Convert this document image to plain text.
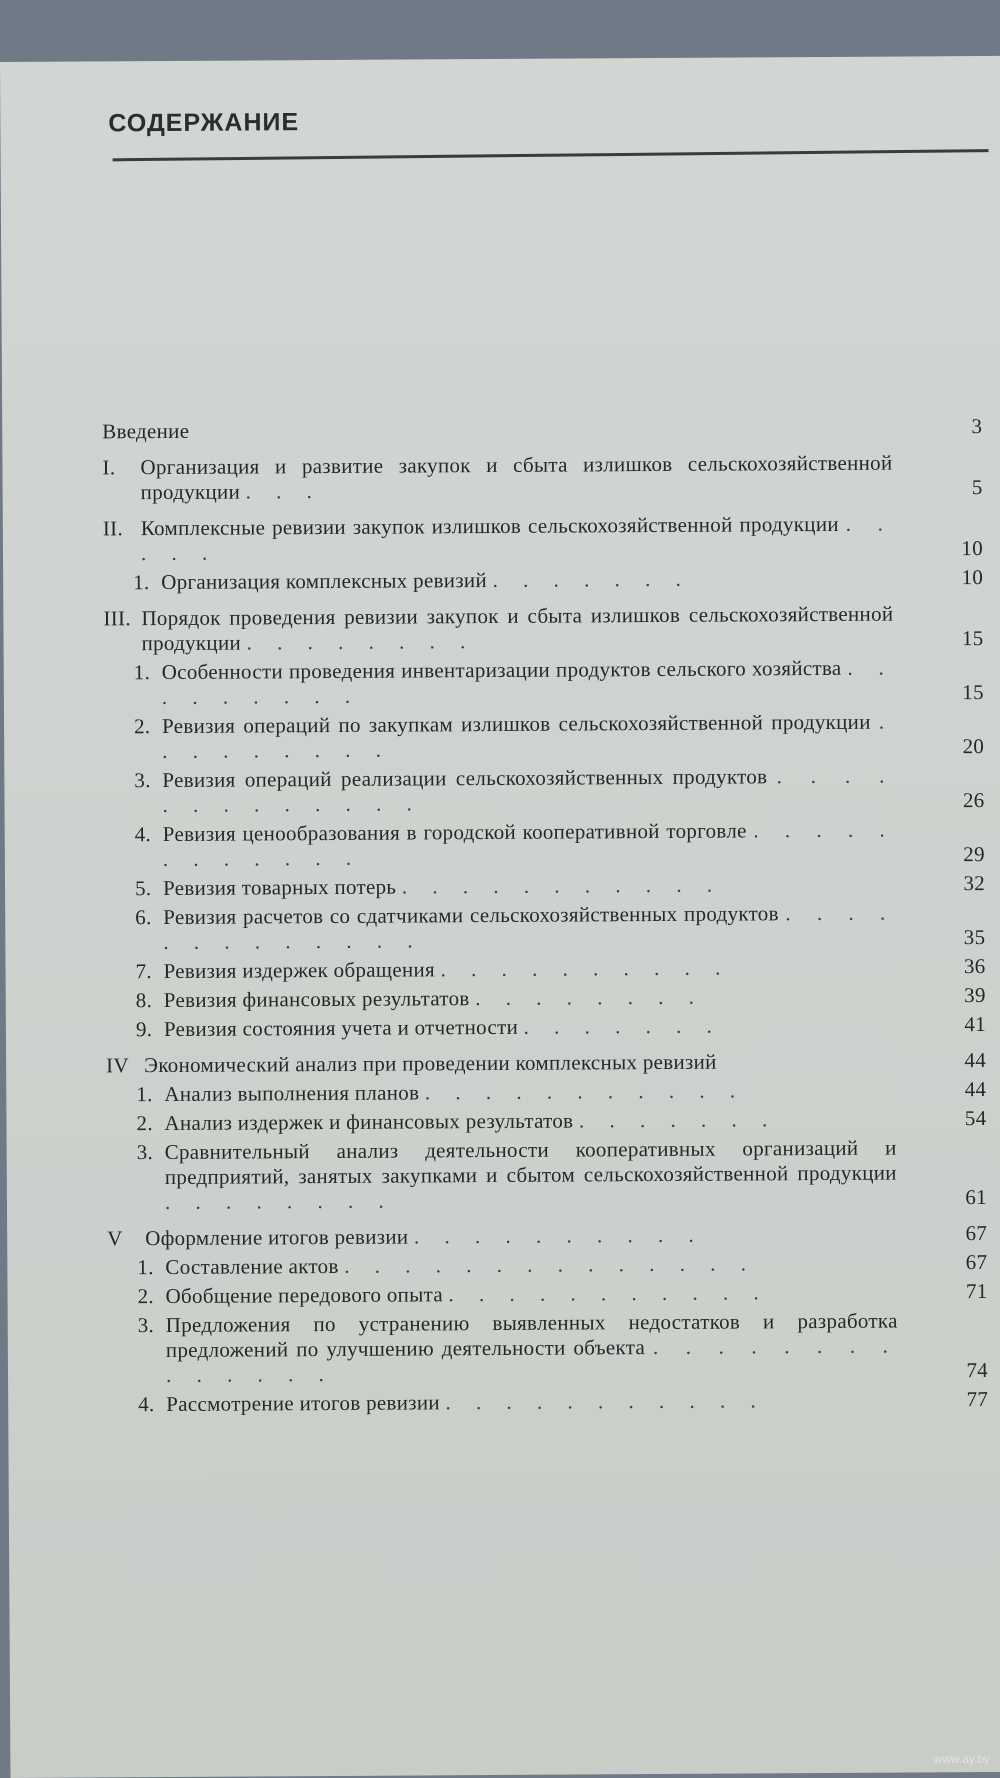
СОДЕРЖАНИЕ
Введение	3
I. Организация и развитие закупок и сбыта излишков сельскохозяйственной продукции . . .	5
II. Комплексные ревизии закупок излишков сельскохозяйственной продукции . . . . .	10
1. Организация комплексных ревизий . . . . . . .	10
III. Порядок проведения ревизии закупок и сбыта излишков сельскохозяйственной продукции . . . . . . . .	15
1. Особенности проведения инвентаризации продуктов сельского хозяйства . . . . . . . . .	15
2. Ревизия операций по закупкам излишков сельскохозяйственной продукции . . . . . . . . .	20
3. Ревизия операций реализации сельскохозяйственных продуктов . . . . . . . . . . . . .	26
4. Ревизия ценообразования в городской кооперативной торговле . . . . . . . . . . . .	29
5. Ревизия товарных потерь . . . . . . . . . . .	32
6. Ревизия расчетов со сдатчиками сельскохозяйственных продуктов . . . . . . . . . . . . .	35
7. Ревизия издержек обращения . . . . . . . . . .	36
8. Ревизия финансовых результатов . . . . . . . .	39
9. Ревизия состояния учета и отчетности . . . . . . .	41
IV Экономический анализ при проведении комплексных ревизий	44
1. Анализ выполнения планов . . . . . . . . . . .	44
2. Анализ издержек и финансовых результатов . . . . . . .	54
3. Сравнительный анализ деятельности кооперативных организаций и предприятий, занятых закупками и сбытом сельскохозяйственной продукции . . . . . . . .	61
V Оформление итогов ревизии . . . . . . . . . .	67
1. Составление актов . . . . . . . . . . . . . .	67
2. Обобщение передового опыта . . . . . . . . . . .	71
3. Предложения по устранению выявленных недостатков и разработка предложений по улучшению деятельности объекта . . . . . . . . . . . . . .	74
4. Рассмотрение итогов ревизии . . . . . . . . . . .	77
www.ay.by
